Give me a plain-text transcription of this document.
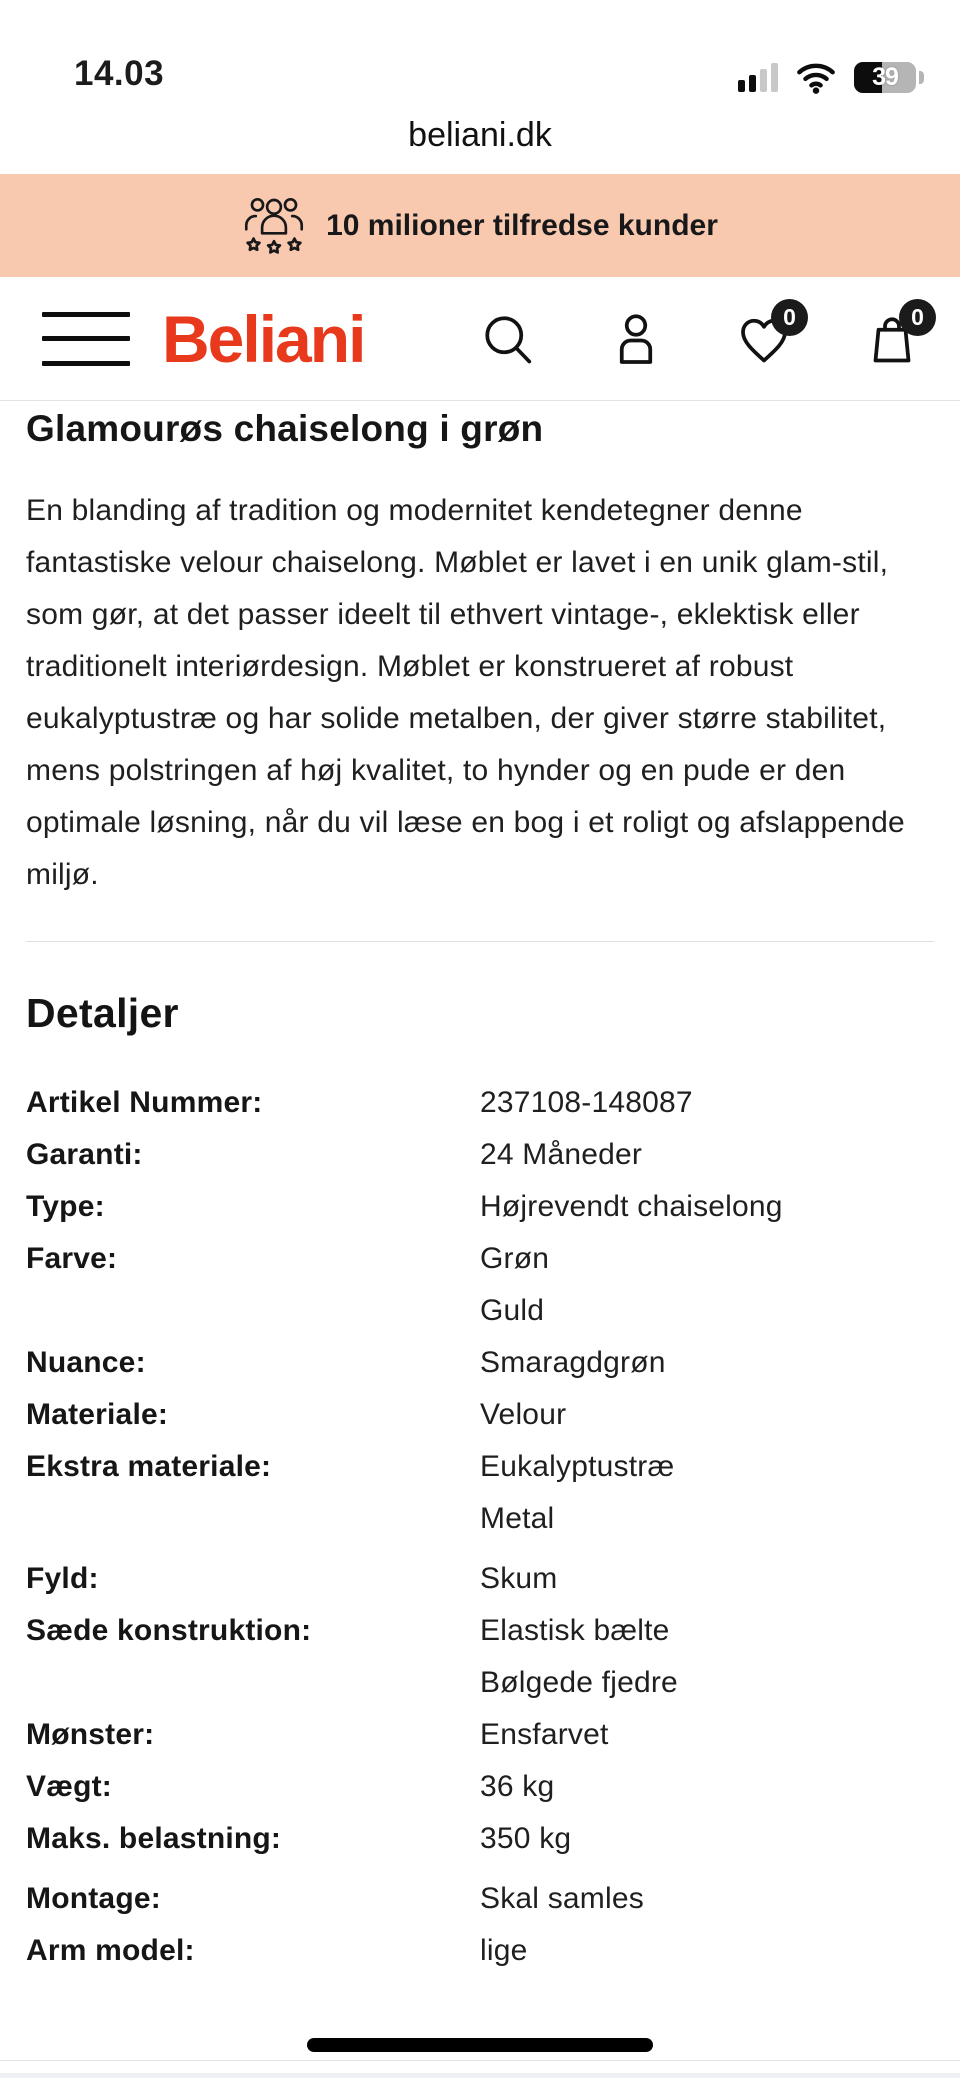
14.03	39
beliani.dk
10 milioner tilfredse kunder
Beliani	0	0
Glamourøs chaiselong i grøn

En blanding af tradition og modernitet kendetegner denne fantastiske velour chaiselong. Møblet er lavet i en unik glam-stil, som gør, at det passer ideelt til ethvert vintage-, eklektisk eller traditionelt interiørdesign. Møblet er konstrueret af robust eukalyptustræ og har solide metalben, der giver større stabilitet, mens polstringen af høj kvalitet, to hynder og en pude er den optimale løsning, når du vil læse en bog i et roligt og afslappende miljø.

Detaljer
Artikel Nummer:	237108-148087
Garanti:	24 Måneder
Type:	Højrevendt chaiselong
Farve:	Grøn
Guld
Nuance:	Smaragdgrøn
Materiale:	Velour
Ekstra materiale:	Eukalyptustræ
Metal
Fyld:	Skum
Sæde konstruktion:	Elastisk bælte
Bølgede fjedre
Mønster:	Ensfarvet
Vægt:	36 kg
Maks. belastning:	350 kg
Montage:	Skal samles
Arm model:	lige
